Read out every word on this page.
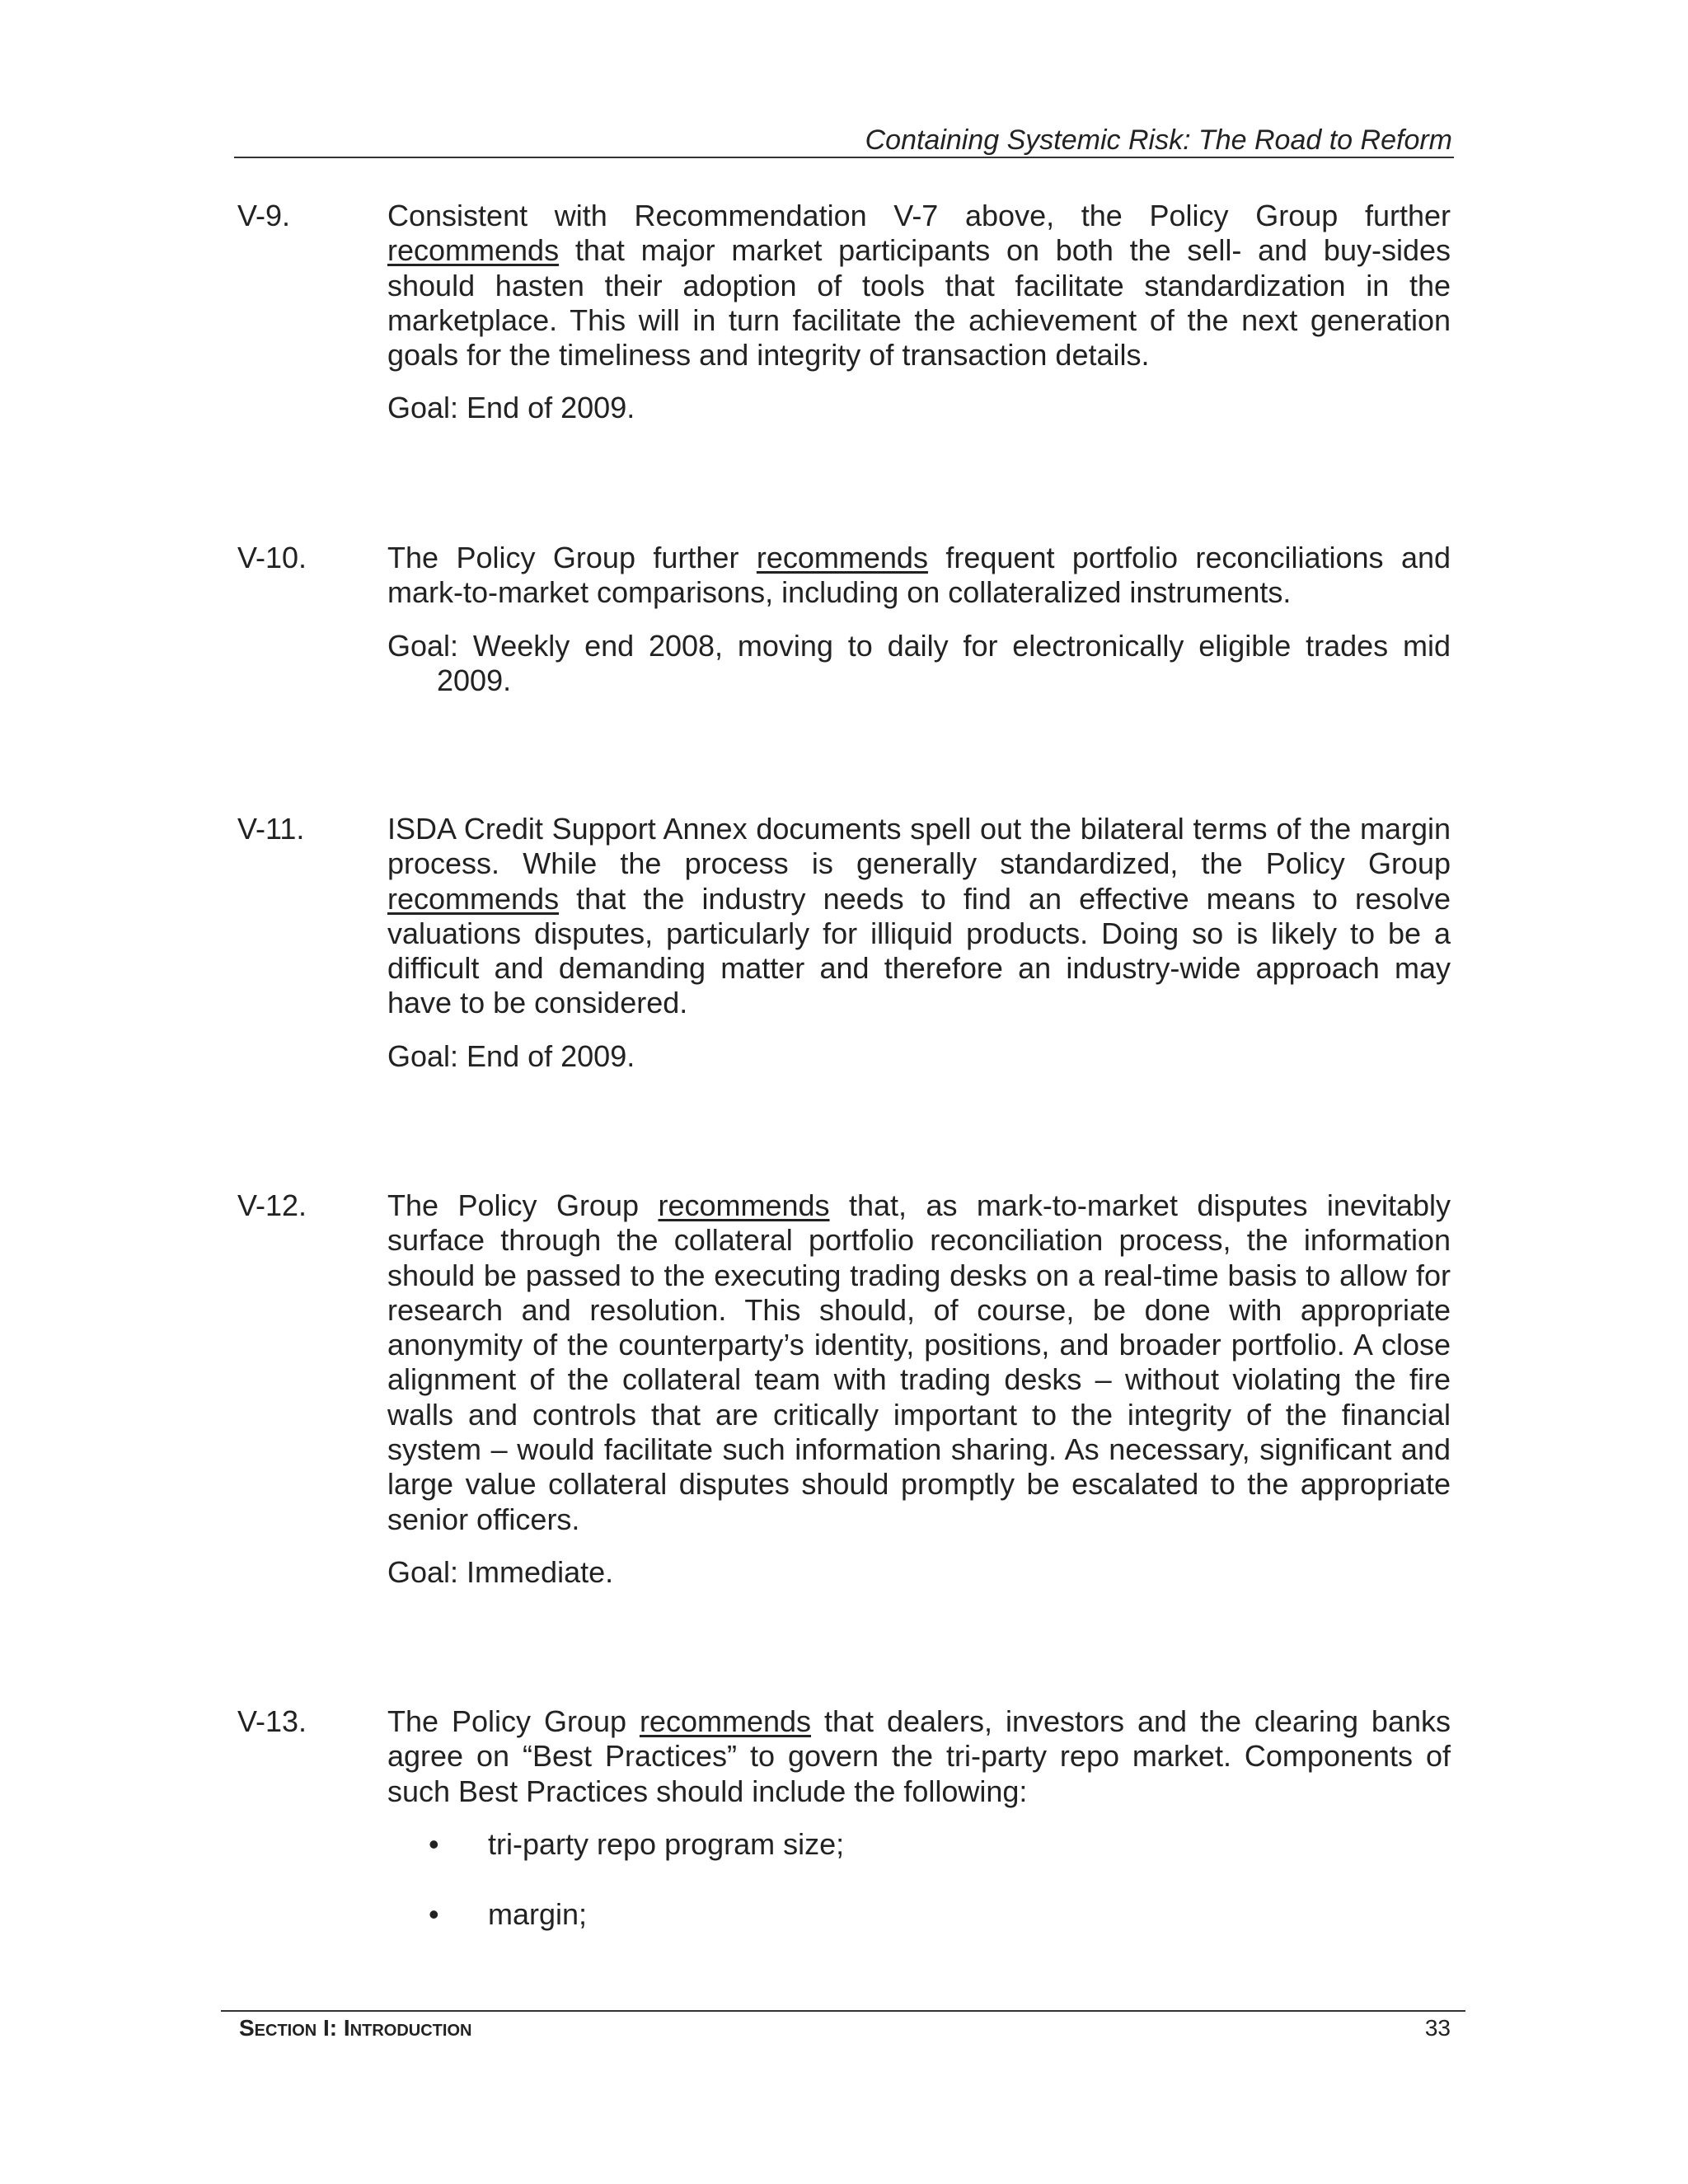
Containing Systemic Risk: The Road to Reform
V-9.	Consistent with Recommendation V-7 above, the Policy Group further recommends that major market participants on both the sell- and buy-sides should hasten their adoption of tools that facilitate standardization in the marketplace. This will in turn facilitate the achievement of the next generation goals for the timeliness and integrity of transaction details.

Goal: End of 2009.
V-10.	The Policy Group further recommends frequent portfolio reconciliations and mark-to-market comparisons, including on collateralized instruments.

Goal: Weekly end 2008, moving to daily for electronically eligible trades mid 2009.
V-11.	ISDA Credit Support Annex documents spell out the bilateral terms of the margin process. While the process is generally standardized, the Policy Group recommends that the industry needs to find an effective means to resolve valuations disputes, particularly for illiquid products. Doing so is likely to be a difficult and demanding matter and therefore an industry-wide approach may have to be considered.

Goal: End of 2009.
V-12.	The Policy Group recommends that, as mark-to-market disputes inevitably surface through the collateral portfolio reconciliation process, the information should be passed to the executing trading desks on a real-time basis to allow for research and resolution. This should, of course, be done with appropriate anonymity of the counterparty’s identity, positions, and broader portfolio. A close alignment of the collateral team with trading desks – without violating the fire walls and controls that are critically important to the integrity of the financial system – would facilitate such information sharing. As necessary, significant and large value collateral disputes should promptly be escalated to the appropriate senior officers.

Goal: Immediate.
V-13.	The Policy Group recommends that dealers, investors and the clearing banks agree on “Best Practices” to govern the tri-party repo market. Components of such Best Practices should include the following:

• tri-party repo program size;
• margin;
Section I: Introduction	33
